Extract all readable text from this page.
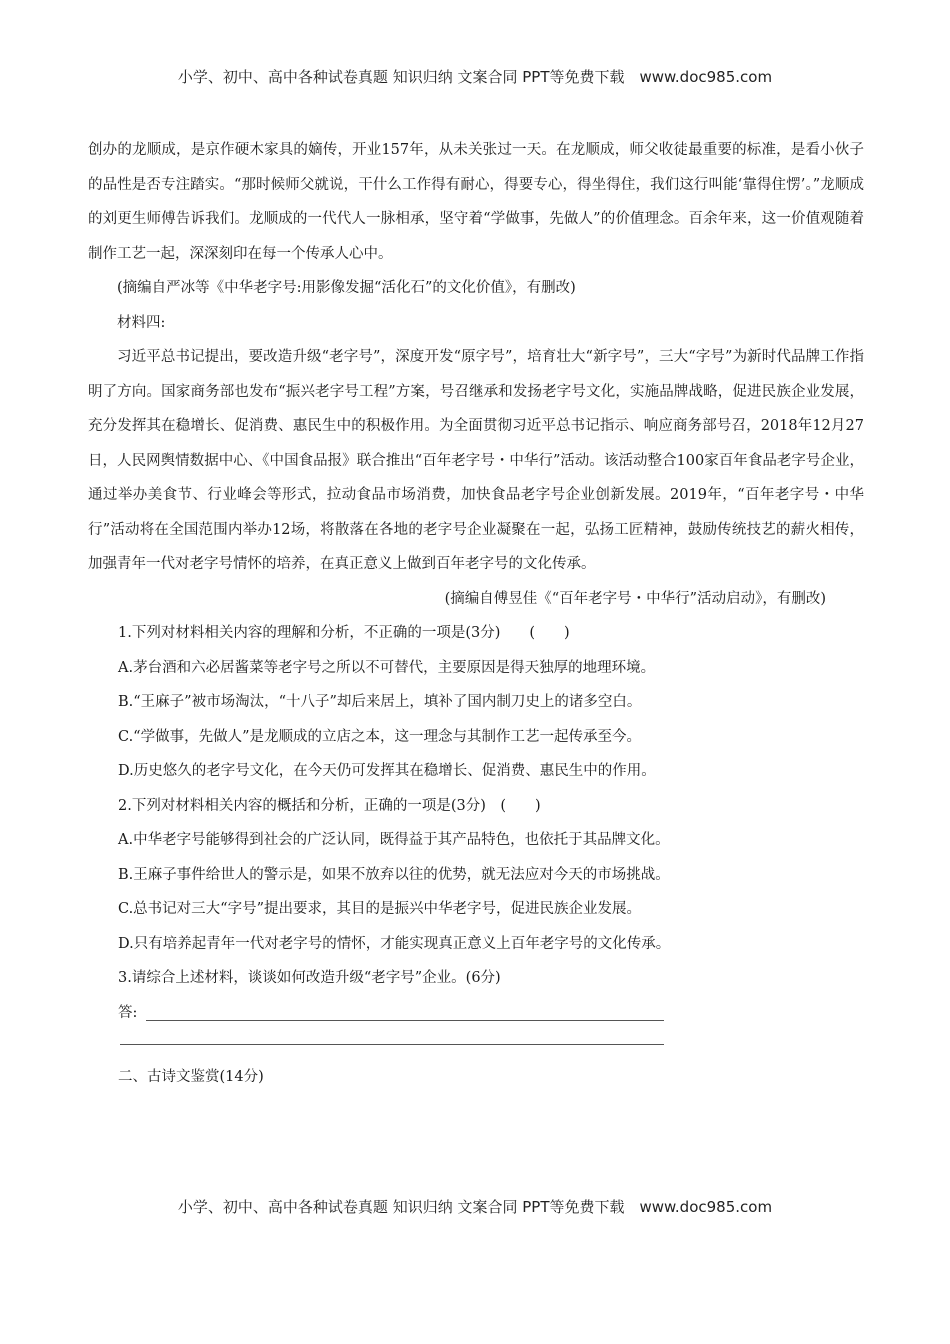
小学、初中、高中各种试卷真题 知识归纳 文案合同 PPT等免费下载　www.doc985.com

创办的龙顺成，是京作硬木家具的嫡传，开业157年，从未关张过一天。在龙顺成，师父收徒最重要的标准，是看小伙子的品性是否专注踏实。“那时候师父就说，干什么工作得有耐心，得要专心，得坐得住，我们这行叫能‘靠得住愣’。”龙顺成的刘更生师傅告诉我们。龙顺成的一代代人一脉相承，坚守着“学做事，先做人”的价值理念。百余年来，这一价值观随着制作工艺一起，深深刻印在每一个传承人心中。

(摘编自严冰等《中华老字号:用影像发掘“活化石”的文化价值》，有删改)

材料四:

习近平总书记提出，要改造升级“老字号”，深度开发“原字号”，培育壮大“新字号”，三大“字号”为新时代品牌工作指明了方向。国家商务部也发布“振兴老字号工程”方案，号召继承和发扬老字号文化，实施品牌战略，促进民族企业发展，充分发挥其在稳增长、促消费、惠民生中的积极作用。为全面贯彻习近平总书记指示、响应商务部号召，2018年12月27日，人民网舆情数据中心、《中国食品报》联合推出“百年老字号・中华行”活动。该活动整合100家百年食品老字号企业，通过举办美食节、行业峰会等形式，拉动食品市场消费，加快食品老字号企业创新发展。2019年，“百年老字号・中华行”活动将在全国范围内举办12场，将散落在各地的老字号企业凝聚在一起，弘扬工匠精神，鼓励传统技艺的薪火相传，加强青年一代对老字号情怀的培养，在真正意义上做到百年老字号的文化传承。

(摘编自傅昱佳《“百年老字号・中华行”活动启动》，有删改)

1.下列对材料相关内容的理解和分析，不正确的一项是(3分)　　(　　)

A.茅台酒和六必居酱菜等老字号之所以不可替代，主要原因是得天独厚的地理环境。

B.“王麻子”被市场淘汰，“十八子”却后来居上，填补了国内制刀史上的诸多空白。

C.“学做事，先做人”是龙顺成的立店之本，这一理念与其制作工艺一起传承至今。

D.历史悠久的老字号文化，在今天仍可发挥其在稳增长、促消费、惠民生中的作用。

2.下列对材料相关内容的概括和分析，正确的一项是(3分)　(　　)

A.中华老字号能够得到社会的广泛认同，既得益于其产品特色，也依托于其品牌文化。

B.王麻子事件给世人的警示是，如果不放弃以往的优势，就无法应对今天的市场挑战。

C.总书记对三大“字号”提出要求，其目的是振兴中华老字号，促进民族企业发展。

D.只有培养起青年一代对老字号的情怀，才能实现真正意义上百年老字号的文化传承。

3.请综合上述材料，谈谈如何改造升级“老字号”企业。(6分)

答:

二、古诗文鉴赏(14分)

小学、初中、高中各种试卷真题 知识归纳 文案合同 PPT等免费下载　www.doc985.com
